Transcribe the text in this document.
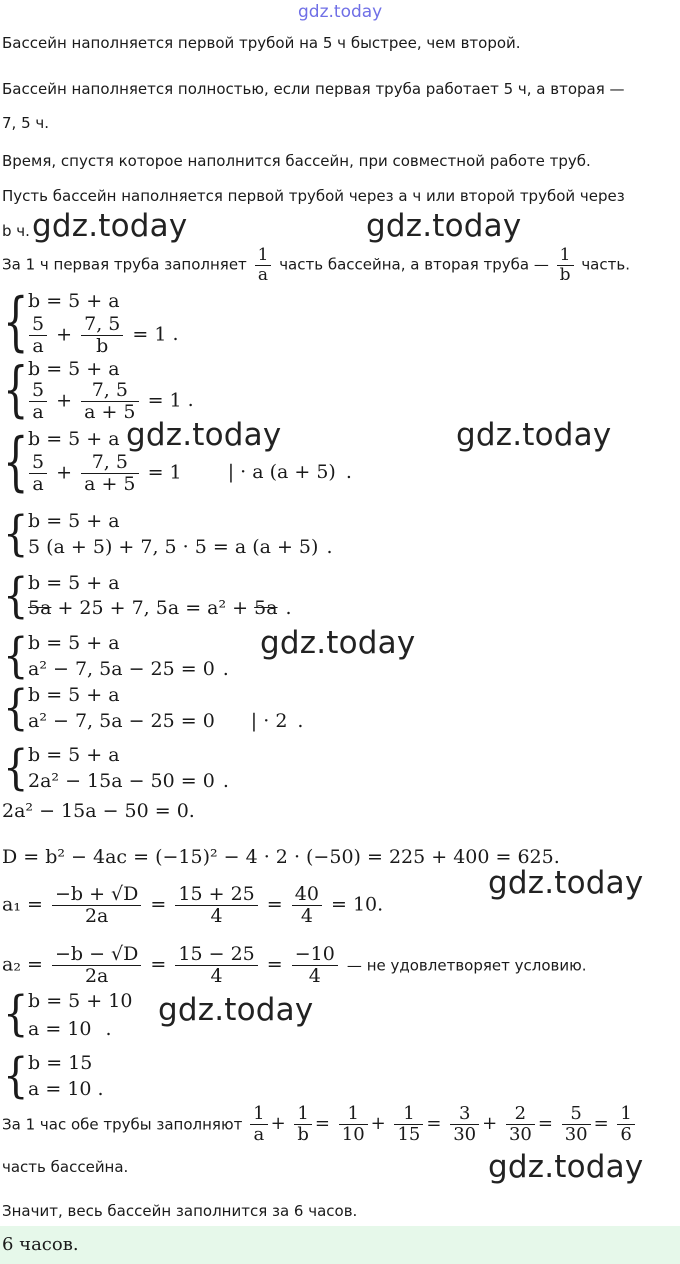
gdz.today
Бассейн наполняется первой трубой на 5 ч быстрее, чем второй.
Бассейн наполняется полностью, если первая труба работает 5 ч, а вторая —
7, 5 ч.
Время, спустя которое наполнится бассейн, при совместной работе труб.
Пусть бассейн наполняется первой трубой через a ч или второй трубой через
b ч.
За 1 ч первая труба заполняет $\frac{1}{a}$ часть бассейна, а вторая труба — $\frac{1}{b}$ часть.
{ b = 5 + a
$\frac{5}{a} + \frac{7, 5}{b} = 1$ .
{ b = 5 + a
$\frac{5}{a} + \frac{7, 5}{a + 5} = 1$ .
{ b = 5 + a
$\frac{5}{a} + \frac{7, 5}{a + 5} = 1$ | · a (a + 5) .
{ b = 5 + a
5 (a + 5) + 7, 5 · 5 = a (a + 5) .
{ b = 5 + a
5a + 25 + 7, 5a = a² + 5a .
{ b = 5 + a
a² − 7, 5a − 25 = 0 .
{ b = 5 + a
a² − 7, 5a − 25 = 0 | · 2 .
{ b = 5 + a
2a² − 15a − 50 = 0 .
2a² − 15a − 50 = 0.
D = b² − 4ac = (−15)² − 4 · 2 · (−50) = 225 + 400 = 625.
$a_1 = \frac{-b + √D}{2a} = \frac{15 + 25}{4} = \frac{40}{4} = 10$.
$a_2 = \frac{-b - √D}{2a} = \frac{15 - 25}{4} = \frac{-10}{4}$ — не удовлетворяет условию.
{ b = 5 + 10
a = 10 .
{ b = 15
a = 10 .
За 1 час обе трубы заполняют $\frac{1}{a} + \frac{1}{b} = \frac{1}{10} + \frac{1}{15} = \frac{3}{30} + \frac{2}{30} = \frac{5}{30} = \frac{1}{6}$
часть бассейна.
Значит, весь бассейн заполнится за 6 часов.
6 часов.
gdz.today	gdz.today
gdz.today	gdz.today
gdz.today
gdz.today
gdz.today
gdz.today
